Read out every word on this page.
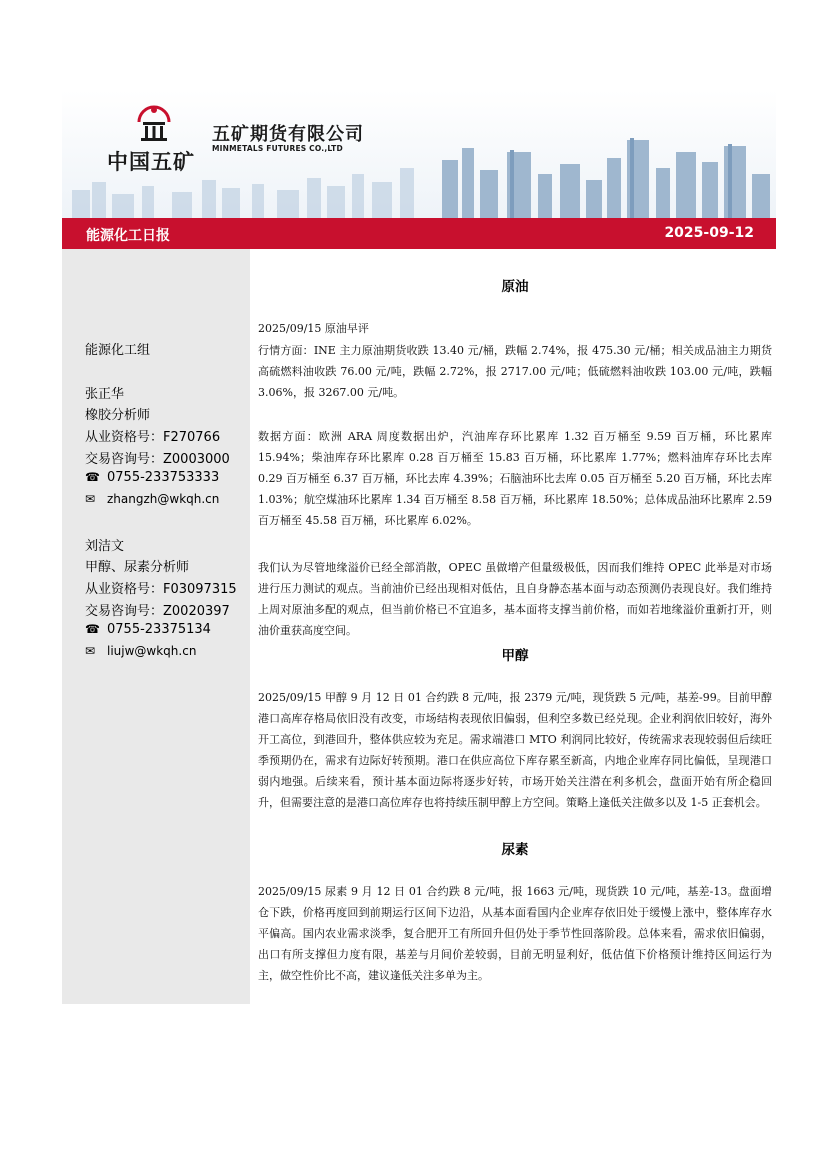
中国五矿
五矿期货有限公司
MINMETALS FUTURES CO.,LTD
能源化工日报	2025-09-12
能源化工组
张正华
橡胶分析师
从业资格号：F270766
交易咨询号：Z0003000
☎ 0755-233753333
✉ zhangzh@wkqh.cn
刘洁文
甲醇、尿素分析师
从业资格号：F03097315
交易咨询号：Z0020397
☎ 0755-23375134
✉ liujw@wkqh.cn
原油
2025/09/15 原油早评
行情方面：INE 主力原油期货收跌 13.40 元/桶，跌幅 2.74%，报 475.30 元/桶；相关成品油主力期货高硫燃料油收跌 76.00 元/吨，跌幅 2.72%，报 2717.00 元/吨；低硫燃料油收跌 103.00 元/吨，跌幅 3.06%，报 3267.00 元/吨。
数据方面：欧洲 ARA 周度数据出炉，汽油库存环比累库 1.32 百万桶至 9.59 百万桶，环比累库 15.94%；柴油库存环比累库 0.28 百万桶至 15.83 百万桶，环比累库 1.77%；燃料油库存环比去库 0.29 百万桶至 6.37 百万桶，环比去库 4.39%；石脑油环比去库 0.05 百万桶至 5.20 百万桶，环比去库 1.03%；航空煤油环比累库 1.34 百万桶至 8.58 百万桶，环比累库 18.50%；总体成品油环比累库 2.59 百万桶至 45.58 百万桶，环比累库 6.02%。
我们认为尽管地缘溢价已经全部消散，OPEC 虽做增产但量级极低，因而我们维持 OPEC 此举是对市场进行压力测试的观点。当前油价已经出现相对低估，且自身静态基本面与动态预测仍表现良好。我们维持上周对原油多配的观点，但当前价格已不宜追多，基本面将支撑当前价格，而如若地缘溢价重新打开，则油价重获高度空间。
甲醇
2025/09/15 甲醇 9 月 12 日 01 合约跌 8 元/吨，报 2379 元/吨，现货跌 5 元/吨，基差-99。目前甲醇港口高库存格局依旧没有改变，市场结构表现依旧偏弱，但利空多数已经兑现。企业利润依旧较好，海外开工高位，到港回升，整体供应较为充足。需求端港口 MTO 利润同比较好，传统需求表现较弱但后续旺季预期仍在，需求有边际好转预期。港口在供应高位下库存累至新高，内地企业库存同比偏低，呈现港口弱内地强。后续来看，预计基本面边际将逐步好转，市场开始关注潜在利多机会，盘面开始有所企稳回升，但需要注意的是港口高位库存也将持续压制甲醇上方空间。策略上逢低关注做多以及 1-5 正套机会。
尿素
2025/09/15 尿素 9 月 12 日 01 合约跌 8 元/吨，报 1663 元/吨，现货跌 10 元/吨，基差-13。盘面增仓下跌，价格再度回到前期运行区间下边沿，从基本面看国内企业库存依旧处于缓慢上涨中，整体库存水平偏高。国内农业需求淡季，复合肥开工有所回升但仍处于季节性回落阶段。总体来看，需求依旧偏弱，出口有所支撑但力度有限，基差与月间价差较弱，目前无明显利好，低估值下价格预计维持区间运行为主，做空性价比不高，建议逢低关注多单为主。
